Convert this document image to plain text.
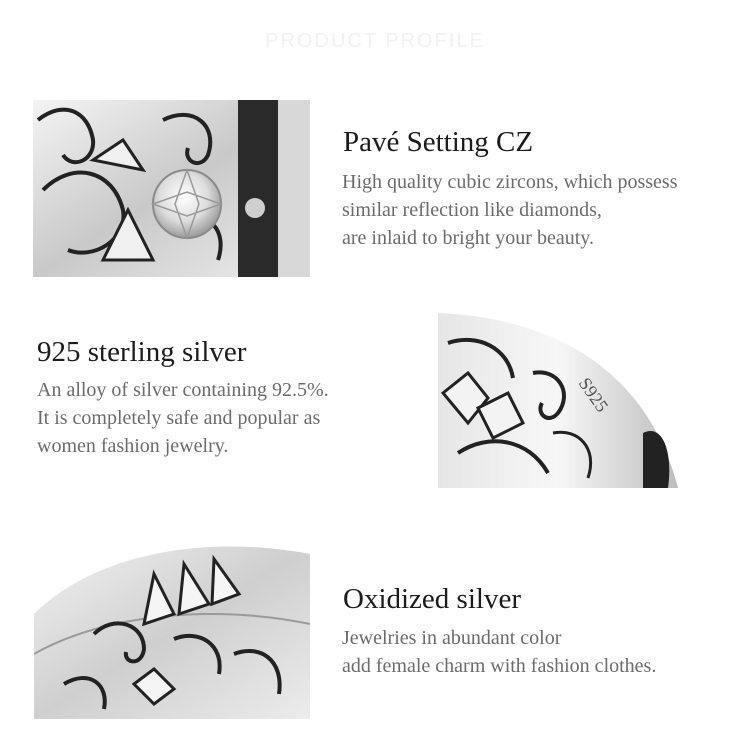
PRODUCT PROFILE
Pavé Setting CZ
High quality cubic zircons, which possess
similar reflection like diamonds,
are inlaid to bright your beauty.
925 sterling silver
An alloy of silver containing 92.5%.
It is completely safe and popular as
women fashion jewelry.
S925
Oxidized silver
Jewelries in abundant color
add female charm with fashion clothes.
